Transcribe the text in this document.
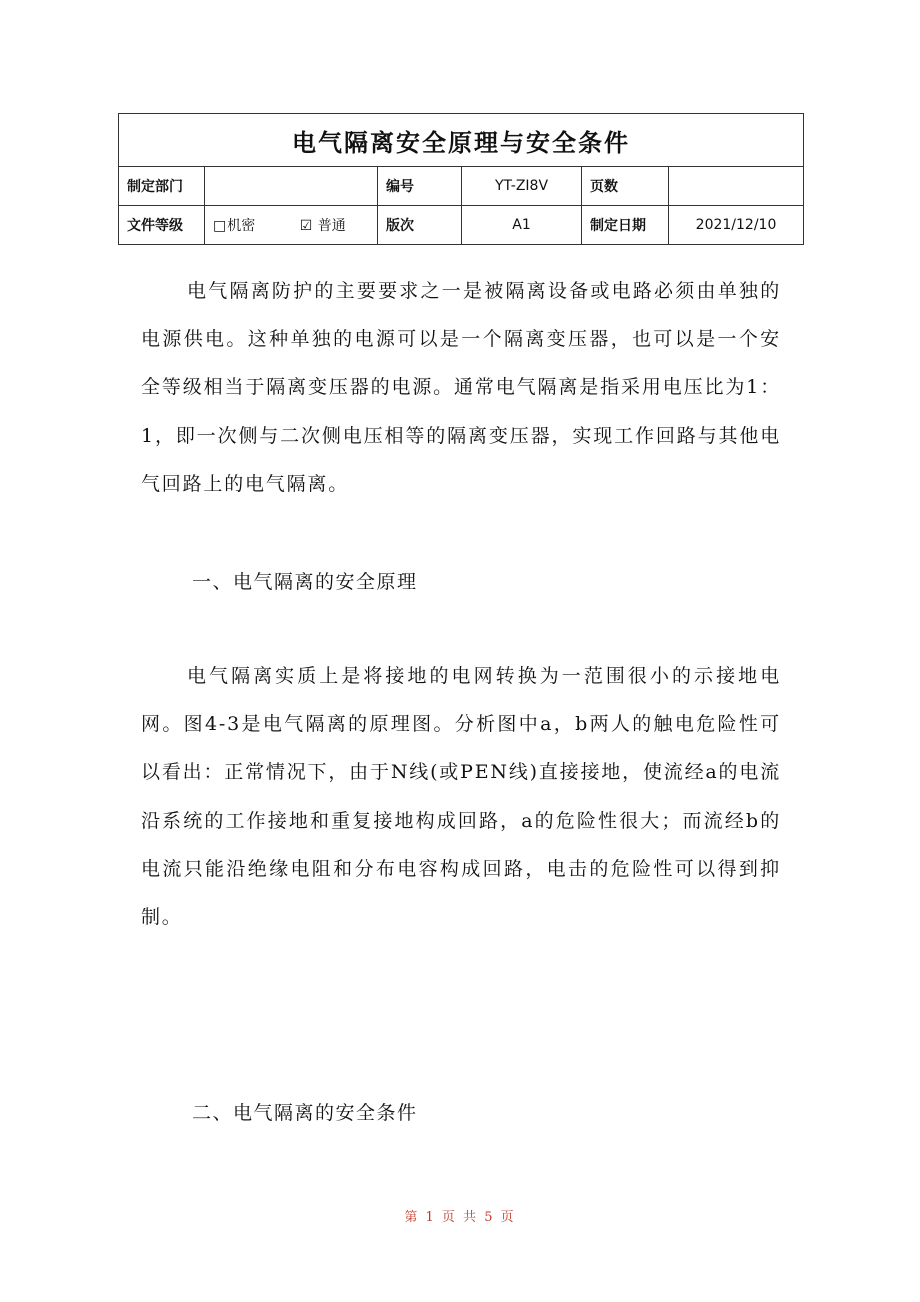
电气隔离安全原理与安全条件					
制定部门		编号	YT-ZI8V	页数	
文件等级	□机密 ☑ 普通	版次	A1	制定日期	2021/12/10

电气隔离防护的主要要求之一是被隔离设备或电路必须由单独的电源供电。这种单独的电源可以是一个隔离变压器，也可以是一个安全等级相当于隔离变压器的电源。通常电气隔离是指采用电压比为1：1，即一次侧与二次侧电压相等的隔离变压器，实现工作回路与其他电气回路上的电气隔离。

一、电气隔离的安全原理

电气隔离实质上是将接地的电网转换为一范围很小的示接地电网。图4-3是电气隔离的原理图。分析图中a，b两人的触电危险性可以看出：正常情况下，由于N线(或PEN线)直接接地，使流经a的电流沿系统的工作接地和重复接地构成回路，a的危险性很大；而流经b的电流只能沿绝缘电阻和分布电容构成回路，电击的危险性可以得到抑制。

二、电气隔离的安全条件

第 1 页 共 5 页
